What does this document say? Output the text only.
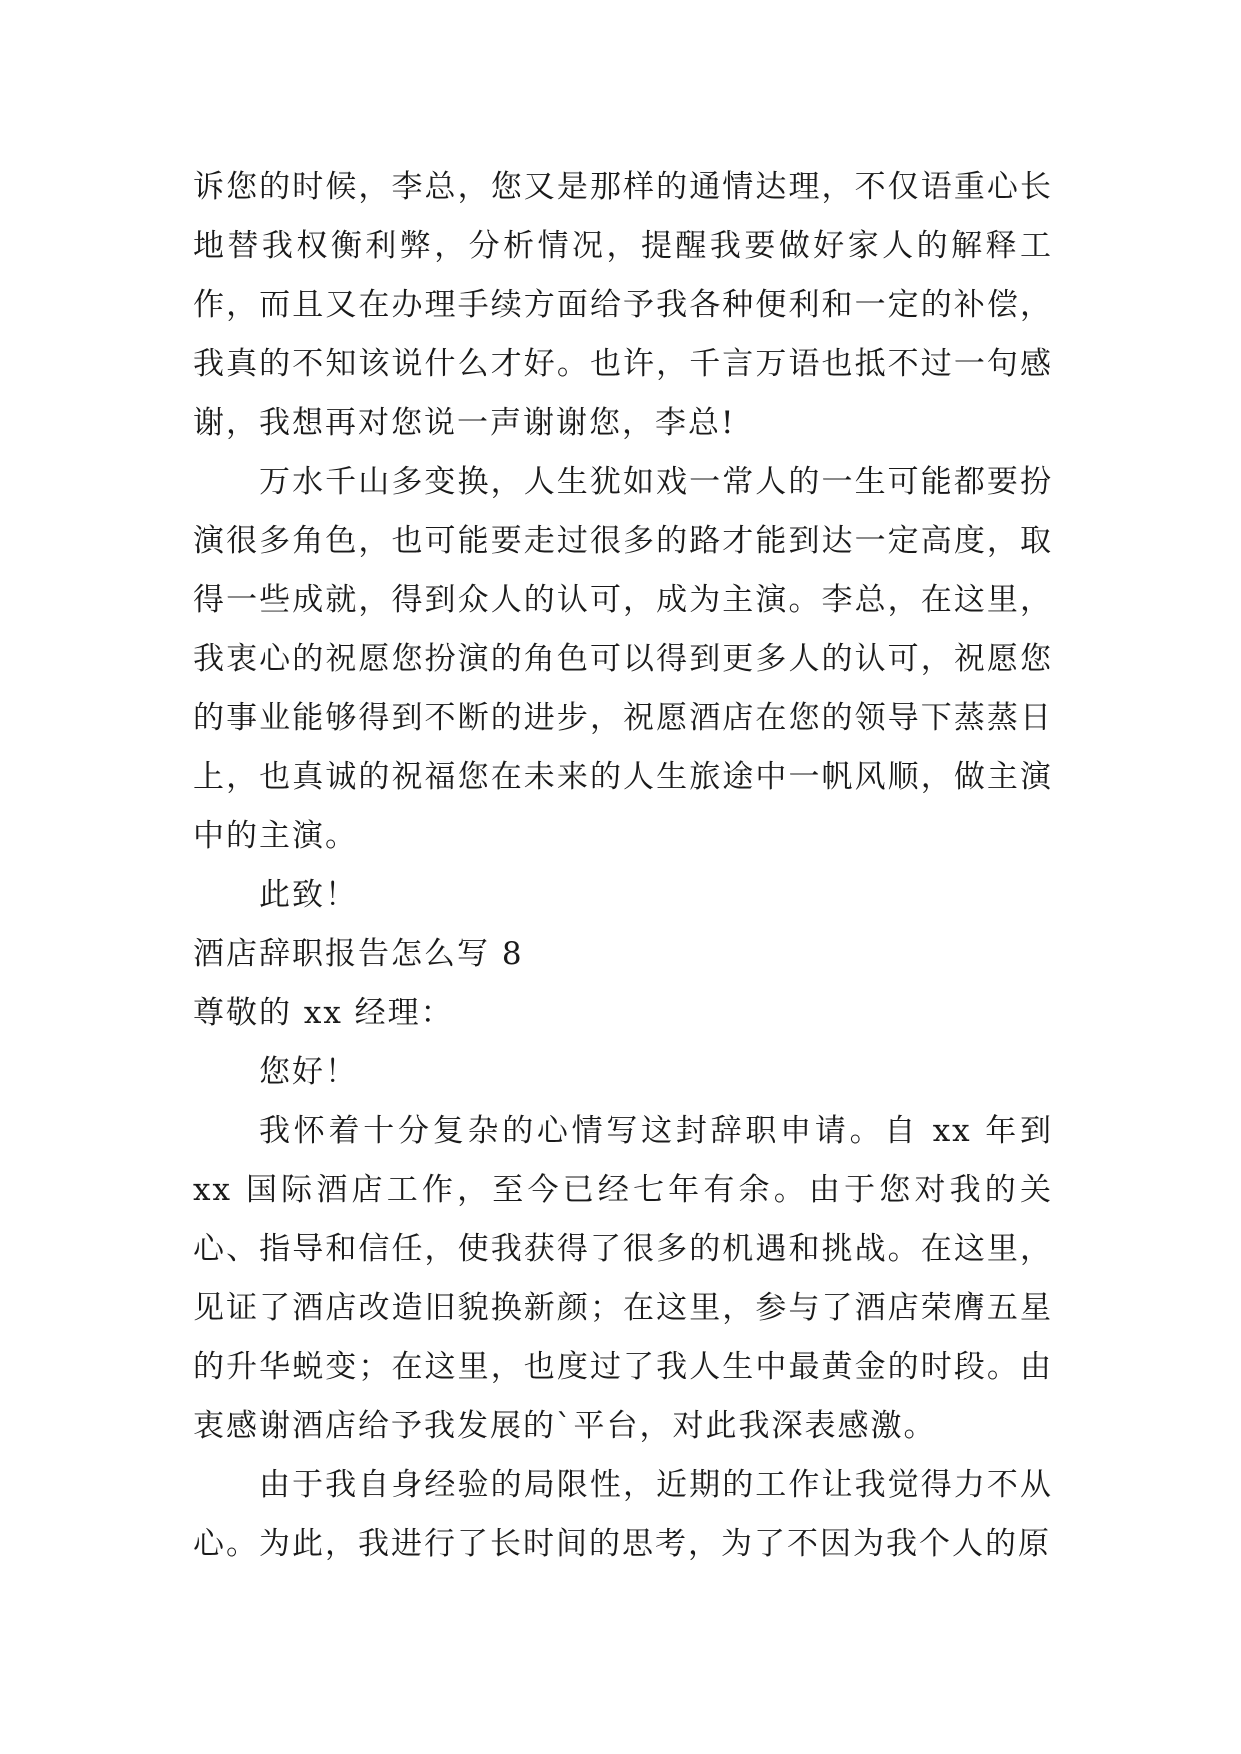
诉您的时候，李总，您又是那样的通情达理，不仅语重心长地替我权衡利弊，分析情况，提醒我要做好家人的解释工作，而且又在办理手续方面给予我各种便利和一定的补偿，我真的不知该说什么才好。也许，千言万语也抵不过一句感谢，我想再对您说一声谢谢您，李总!

万水千山多变换，人生犹如戏一常人的一生可能都要扮演很多角色，也可能要走过很多的路才能到达一定高度，取得一些成就，得到众人的认可，成为主演。李总，在这里，我衷心的祝愿您扮演的角色可以得到更多人的认可，祝愿您的事业能够得到不断的进步，祝愿酒店在您的领导下蒸蒸日上，也真诚的祝福您在未来的人生旅途中一帆风顺，做主演中的主演。

此致！

酒店辞职报告怎么写 8

尊敬的 xx 经理：

您好！

我怀着十分复杂的心情写这封辞职申请。自 xx 年到 xx 国际酒店工作，至今已经七年有余。由于您对我的关心、指导和信任，使我获得了很多的机遇和挑战。在这里，见证了酒店改造旧貌换新颜；在这里，参与了酒店荣膺五星的升华蜕变；在这里，也度过了我人生中最黄金的时段。由衷感谢酒店给予我发展的`平台，对此我深表感激。

由于我自身经验的局限性，近期的工作让我觉得力不从心。为此，我进行了长时间的思考，为了不因为我个人的原
